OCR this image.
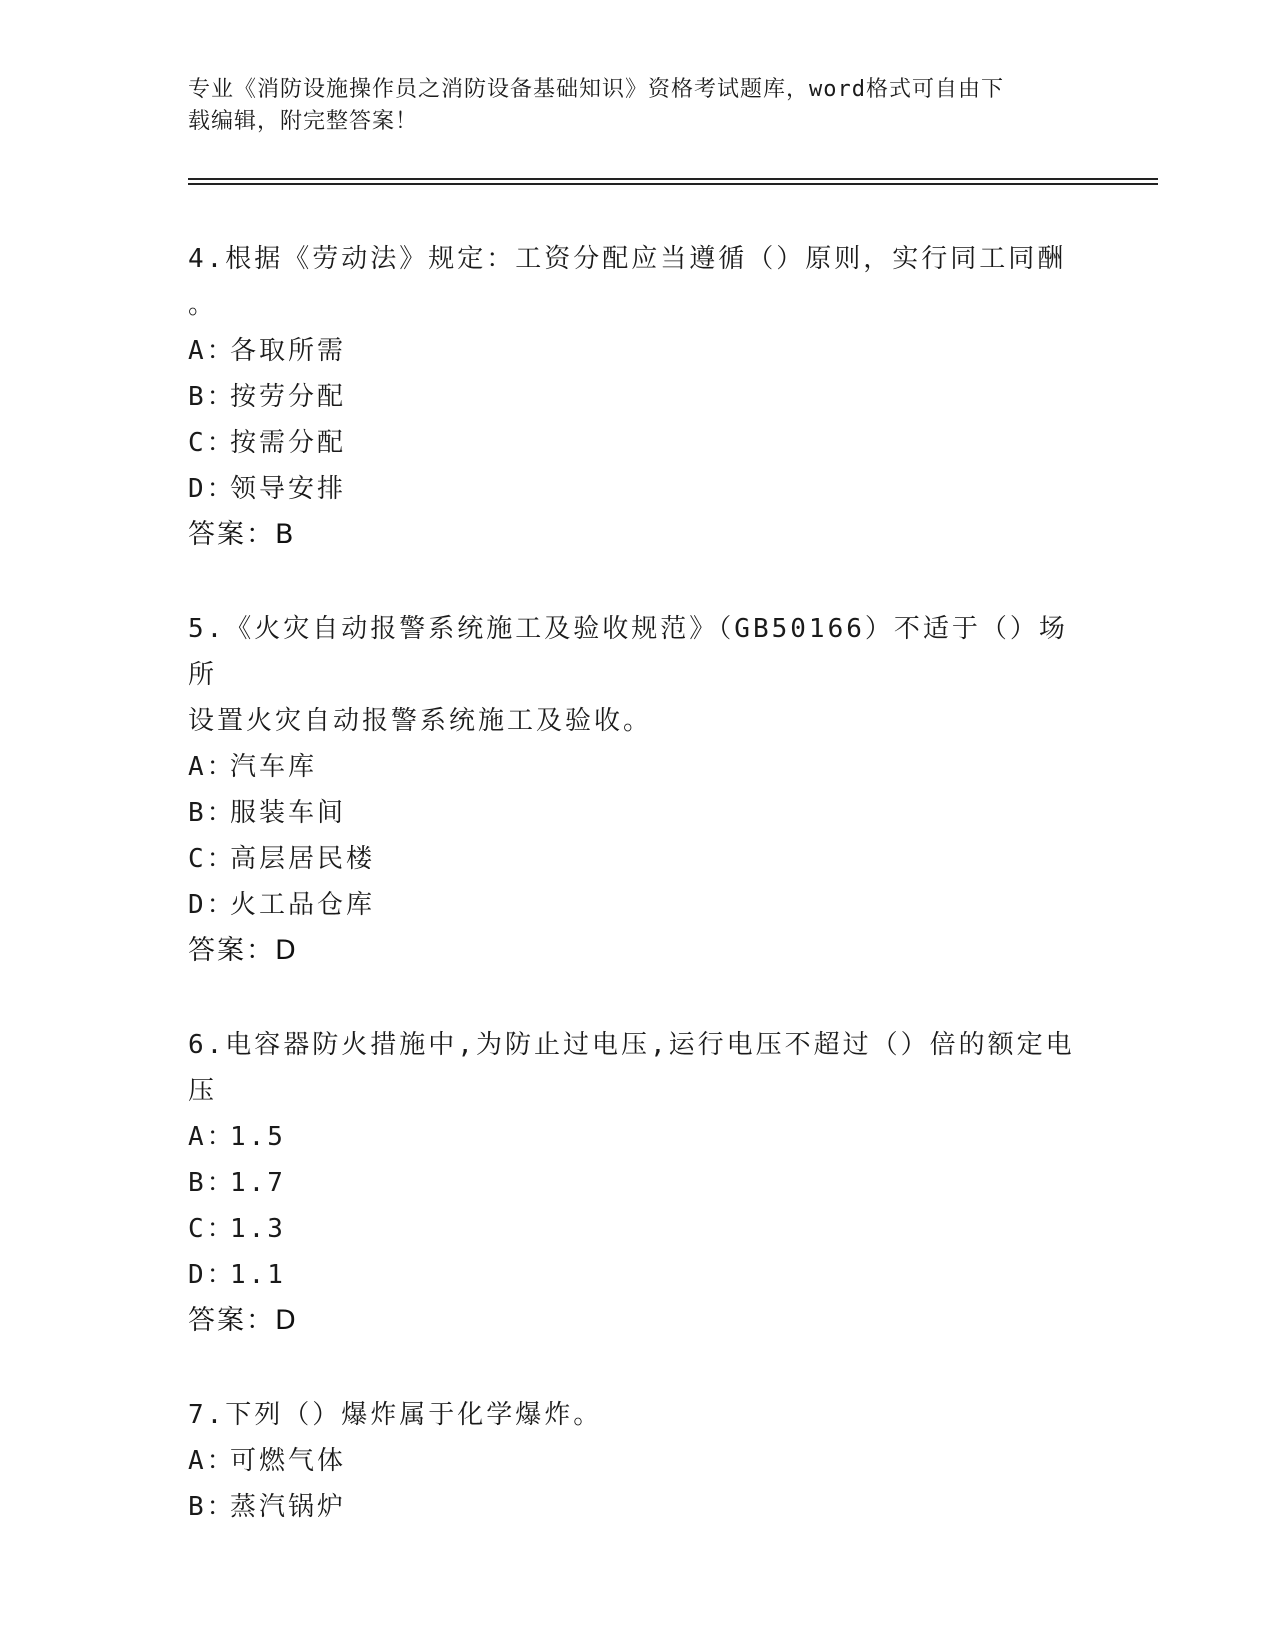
专业《消防设施操作员之消防设备基础知识》资格考试题库，word格式可自由下
载编辑，附完整答案！
4.根据《劳动法》规定：工资分配应当遵循（）原则，实行同工同酬
。
A：各取所需
B：按劳分配
C：按需分配
D：领导安排
答案：B
5.《火灾自动报警系统施工及验收规范》（GB50166）不适于（）场所
设置火灾自动报警系统施工及验收。
A：汽车库
B：服装车间
C：高层居民楼
D：火工品仓库
答案：D
6.电容器防火措施中,为防止过电压,运行电压不超过（）倍的额定电
压
A：1.5
B：1.7
C：1.3
D：1.1
答案：D
7.下列（）爆炸属于化学爆炸。
A：可燃气体
B：蒸汽锅炉
